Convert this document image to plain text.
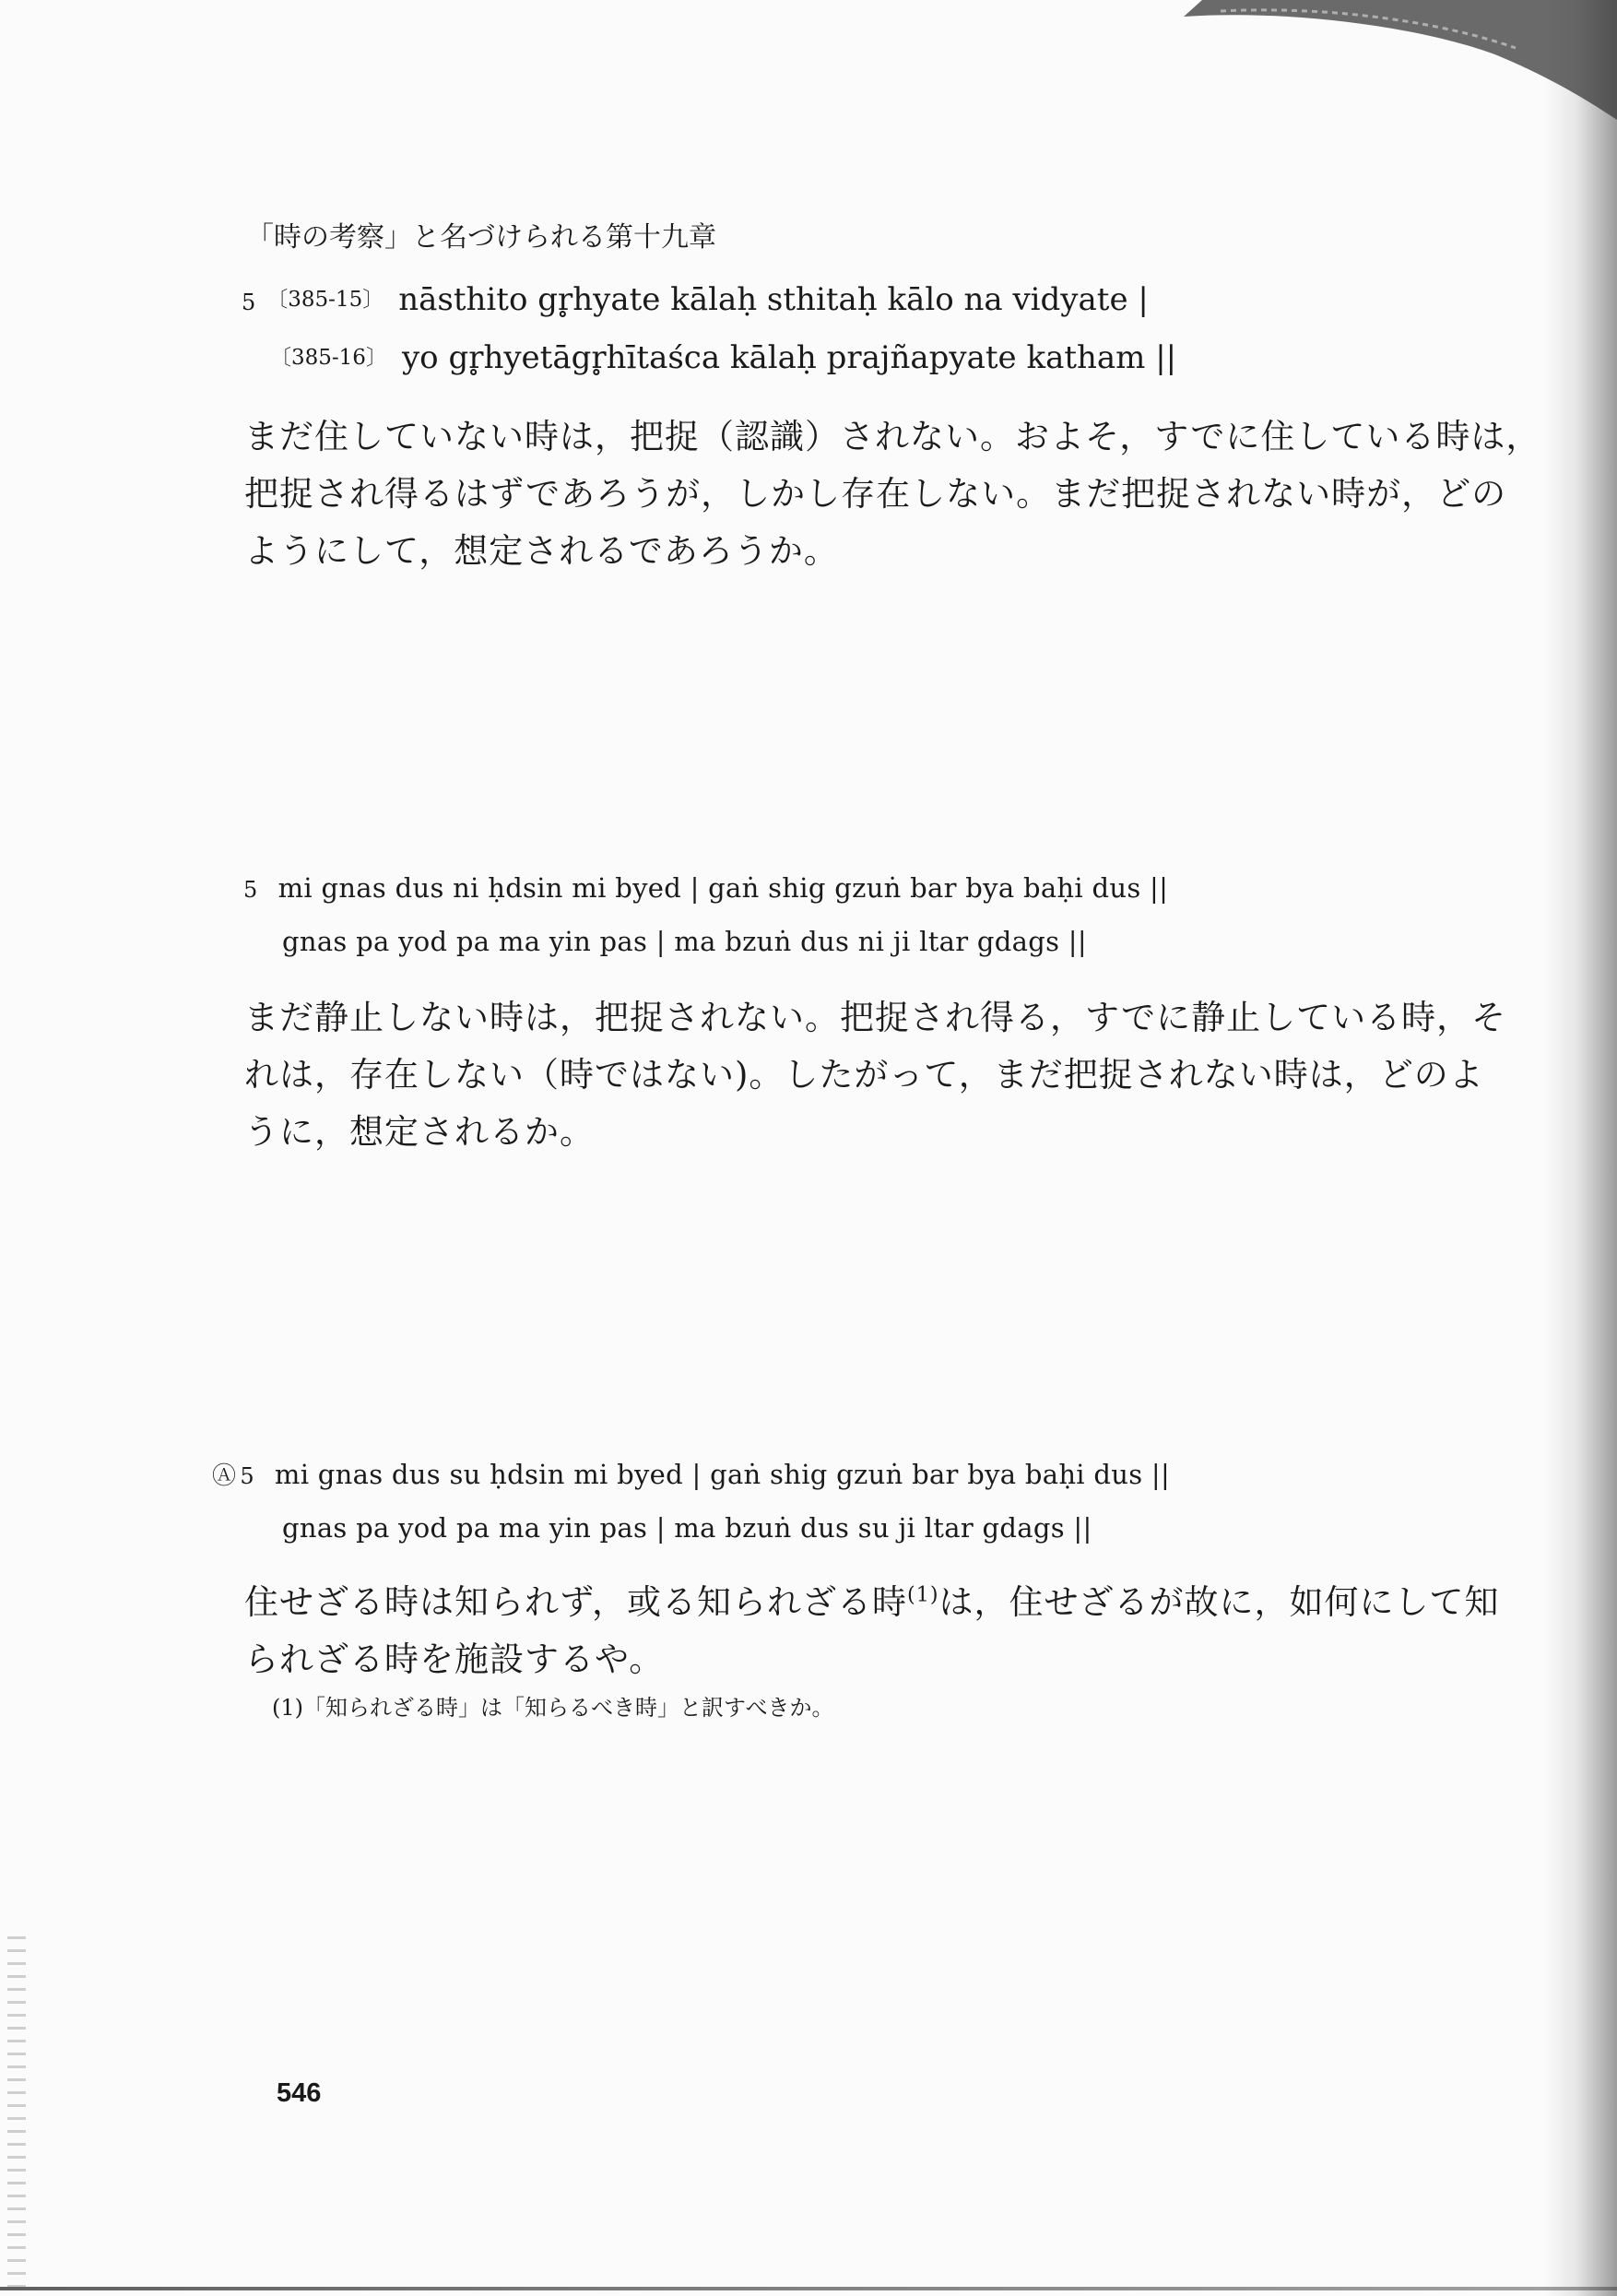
「時の考察」と名づけられる第十九章
5 〔385-15〕 nāsthito gr̥hyate kālaḥ sthitaḥ kālo na vidyate |
〔385-16〕 yo gr̥hyetāgr̥hītaśca kālaḥ prajñapyate katham ||
まだ住していない時は，把捉（認識）されない。およそ，すでに住している時は，
把捉され得るはずであろうが，しかし存在しない。まだ把捉されない時が，どの
ようにして，想定されるであろうか。
5 mi gnas dus ni ḥdsin mi byed | gaṅ shig gzuṅ bar bya baḥi dus ||
gnas pa yod pa ma yin pas | ma bzuṅ dus ni ji ltar gdags ||
まだ静止しない時は，把捉されない。把捉され得る，すでに静止している時，そ
れは，存在しない（時ではない)。したがって，まだ把捉されない時は，どのよ
うに，想定されるか。
Ⓐ 5 mi gnas dus su ḥdsin mi byed | gaṅ shig gzuṅ bar bya baḥi dus ||
gnas pa yod pa ma yin pas | ma bzuṅ dus su ji ltar gdags ||
住せざる時は知られず，或る知られざる時$^{(1)}$は，住せざるが故に，如何にして知
られざる時を施設するや。
(1)「知られざる時」は「知らるべき時」と訳すべきか。
546
